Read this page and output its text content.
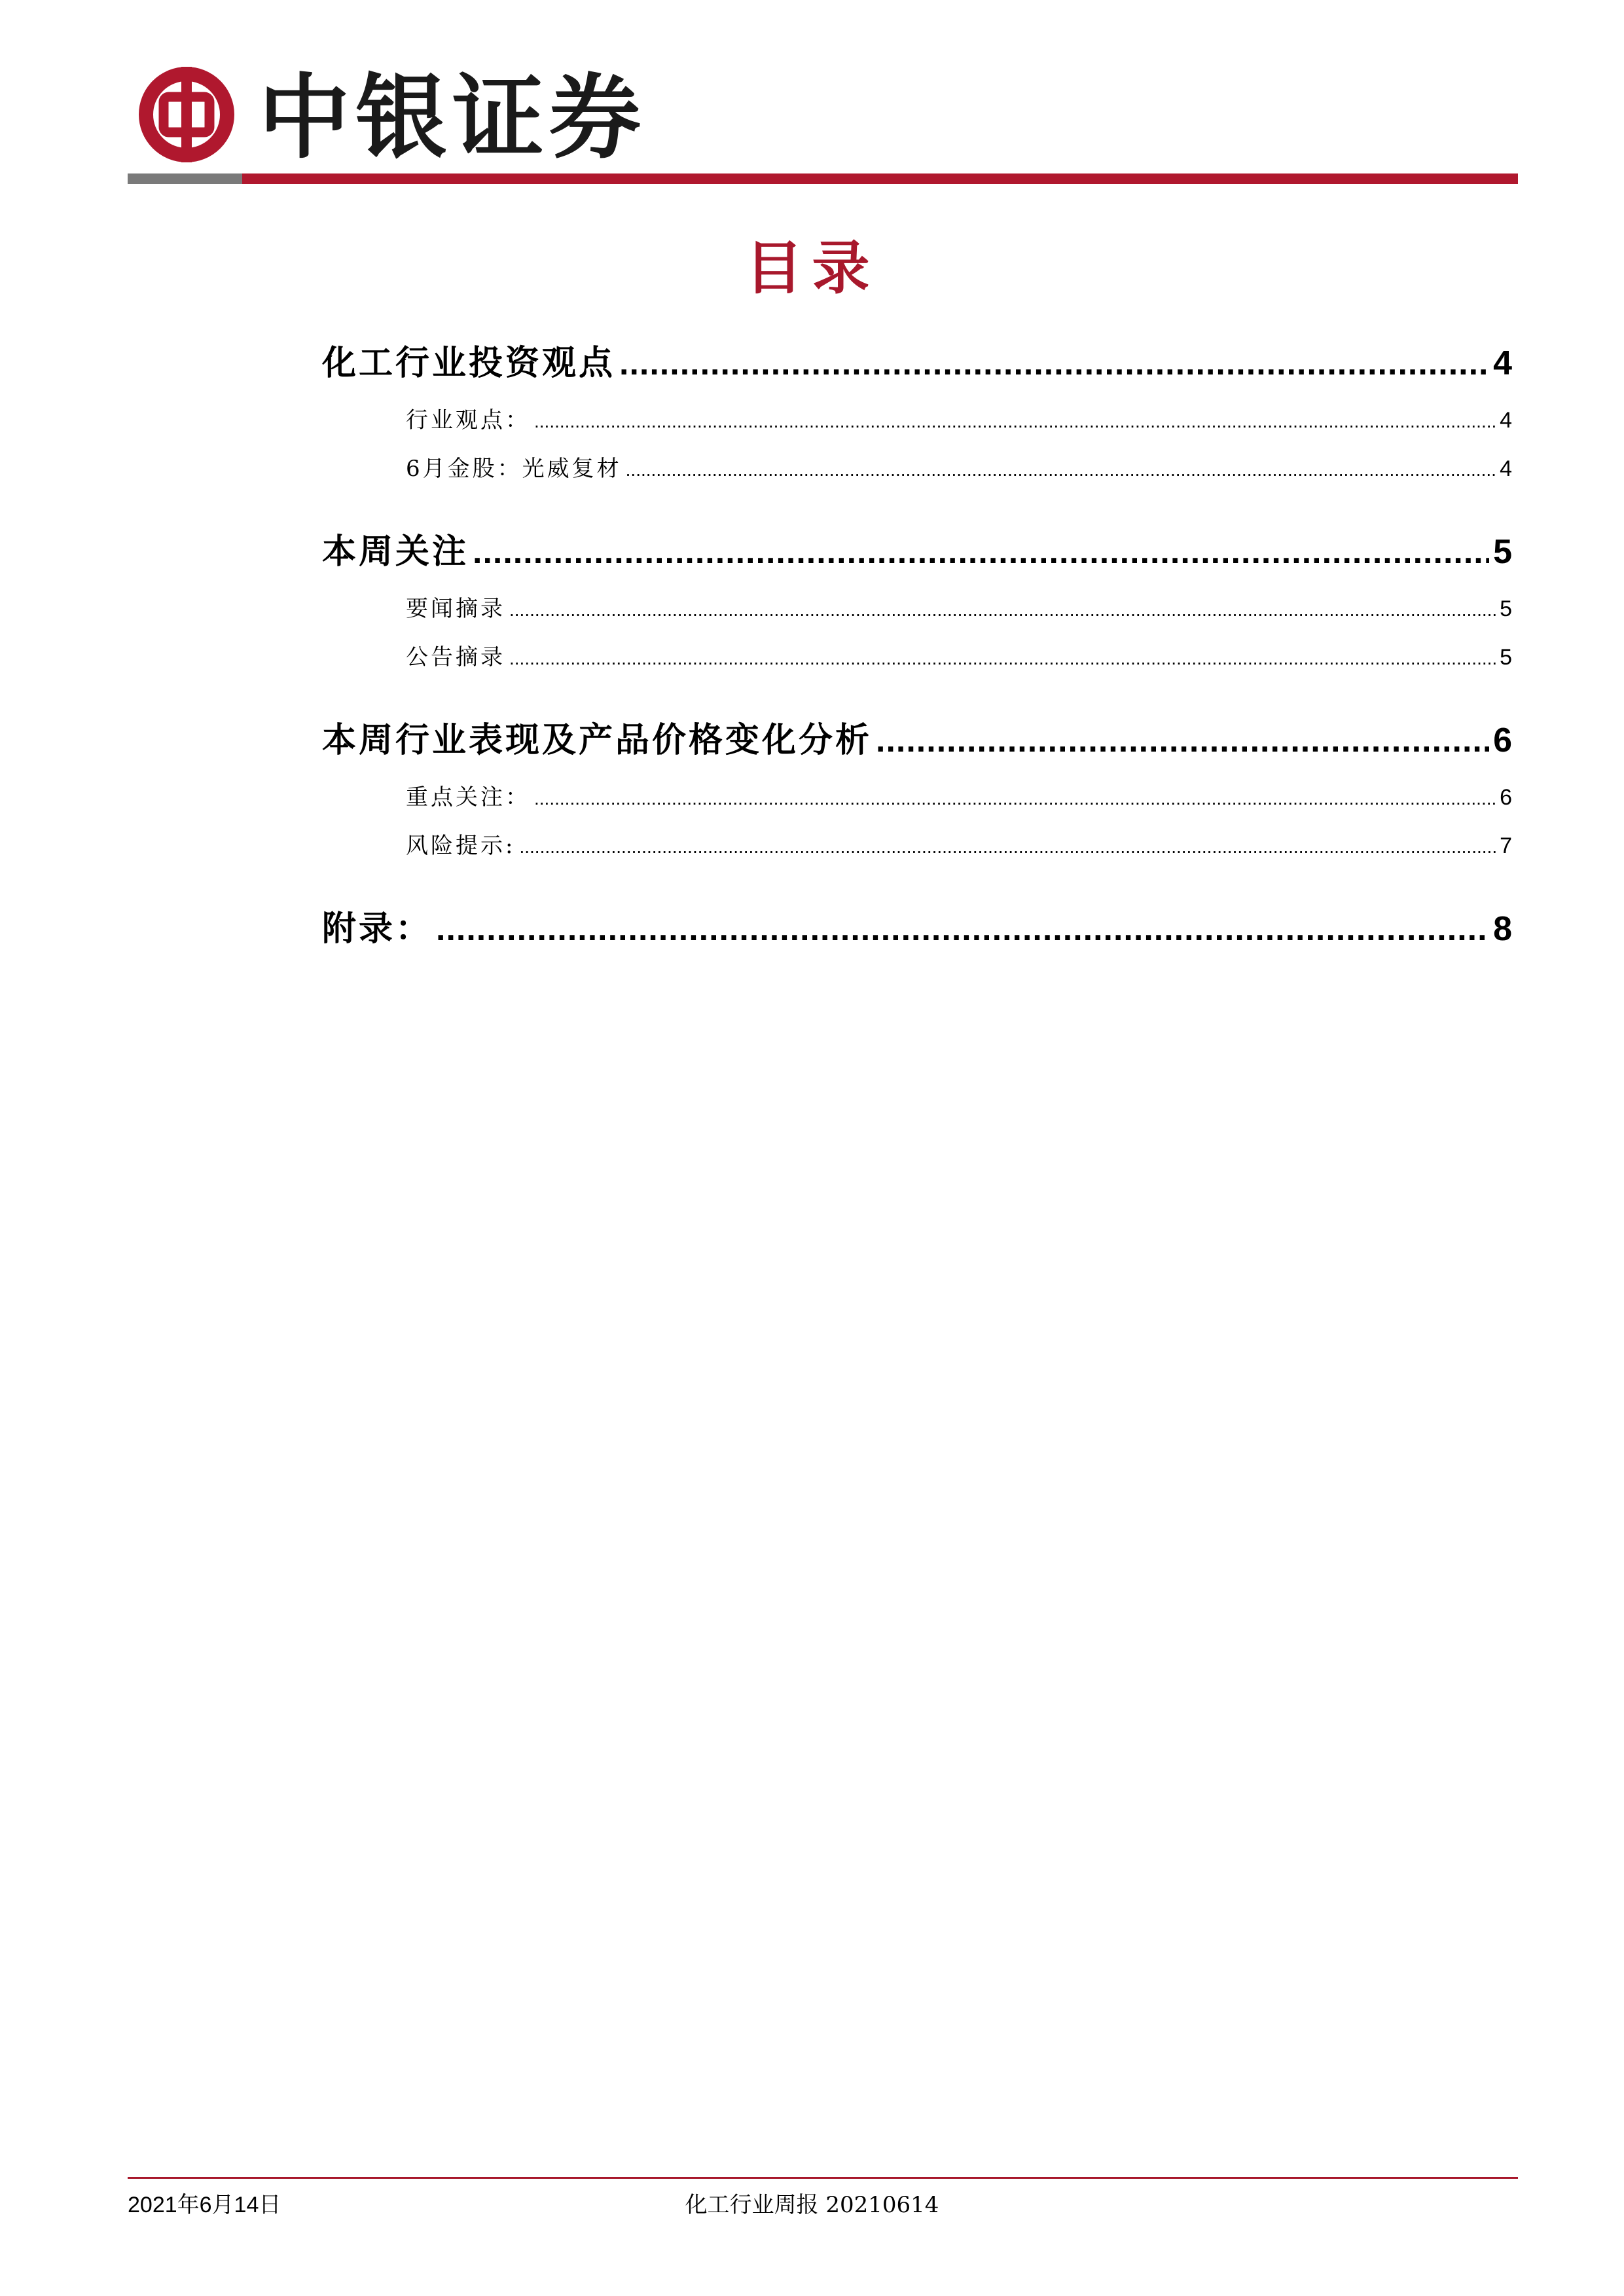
中银证券
目录
化工行业投资观点 .....	4
行业观点： .....	4
6月金股：光威复材 .....	4
本周关注 .....	5
要闻摘录 .....	5
公告摘录 .....	5
本周行业表现及产品价格变化分析 .....	6
重点关注： .....	6
风险提示: .....	7
附录： .....	8
2021年6月14日	化工行业周报 20210614
